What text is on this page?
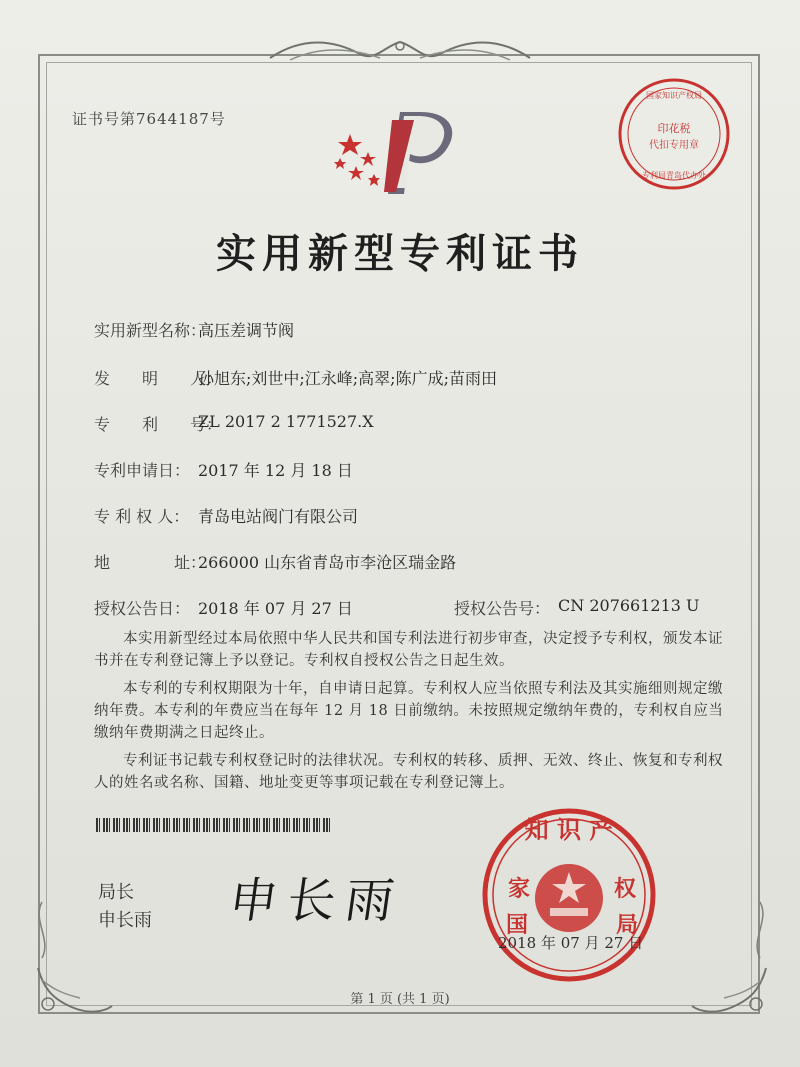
证书号第7644187号
印花税
代扣专用章
国家知识产权局
专利局青岛代办处
实用新型专利证书
实用新型名称：
高压差调节阀
发　　明　　人：
孙旭东;刘世中;江永峰;高翠;陈广成;苗雨田
专　　利　　号：
ZL 2017 2 1771527.X
专利申请日： 2017 年 12 月 18 日
专 利 权 人： 青岛电站阀门有限公司
地　　　　址：
266000 山东省青岛市李沧区瑞金路
授权公告日： 2018 年 07 月 27 日	授权公告号： CN 207661213 U

本实用新型经过本局依照中华人民共和国专利法进行初步审查，决定授予专利权，颁发本证书并在专利登记簿上予以登记。专利权自授权公告之日起生效。

本专利的专利权期限为十年，自申请日起算。专利权人应当依照专利法及其实施细则规定缴纳年费。本专利的年费应当在每年 12 月 18 日前缴纳。未按照规定缴纳年费的，专利权自应当缴纳年费期满之日起终止。

专利证书记载专利权登记时的法律状况。专利权的转移、质押、无效、终止、恢复和专利权人的姓名或名称、国籍、地址变更等事项记载在专利登记簿上。

局长
申长雨 申长雨
知 识 产
家	权
国	局
2018 年 07 月 27 日
第 1 页 (共 1 页)
